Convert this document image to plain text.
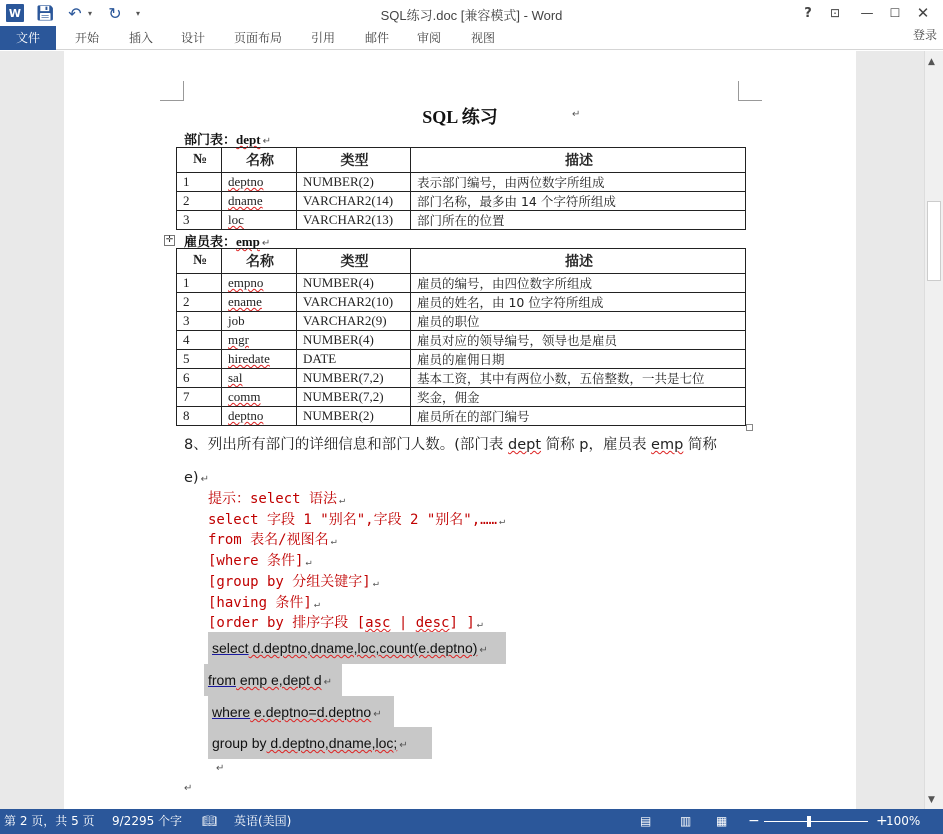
W 💾︎ ↶ ▾ ↻	▾	SQL练习.doc [兼容模式] - Word	?	⊡	—	☐ ✕
文件	开始	插入	设计	页面布局	引用	邮件	审阅	视图	登录
SQL 练习	↵
部门表：dept ↵
№	名称	类型	描述
1	deptno	NUMBER(2)	表示部门编号，由两位数字所组成
2	dname	VARCHAR2(14)	部门名称，最多由 14 个字符所组成
3	loc	VARCHAR2(13)	部门所在的位置
✛ 雇员表：emp ↵
№	名称	类型	描述
1	empno	NUMBER(4)	雇员的编号，由四位数字所组成
2	ename	VARCHAR2(10)	雇员的姓名，由 10 位字符所组成
3	job	VARCHAR2(9)	雇员的职位
4	mgr	NUMBER(4)	雇员对应的领导编号，领导也是雇员
5	hiredate	DATE	雇员的雇佣日期
6	sal	NUMBER(7,2)	基本工资，其中有两位小数，五倍整数，一共是七位
7	comm	NUMBER(7,2)	奖金，佣金
8	deptno	NUMBER(2)	雇员所在的部门编号
8、列出所有部门的详细信息和部门人数。(部门表 dept 简称 p，雇员表 emp 简称 e) ↵
提示：select 语法 ↵
select 字段 1 "别名",字段 2 "别名",…… ↵
from 表名/视图名 ↵
[where 条件] ↵
[group by 分组关键字] ↵
[having 条件] ↵
[order by 排序字段 [asc | desc] ] ↵
select d.deptno,dname,loc,count(e.deptno) ↵
from emp e,dept d ↵
where e.deptno=d.deptno ↵
group by d.deptno,dname,loc; ↵
↵
↵
▲
▼
第 2 页，共 5 页 9/2295 个字 📖︎ 英语(美国)	▤ ▥ ▦ −	+
100%
